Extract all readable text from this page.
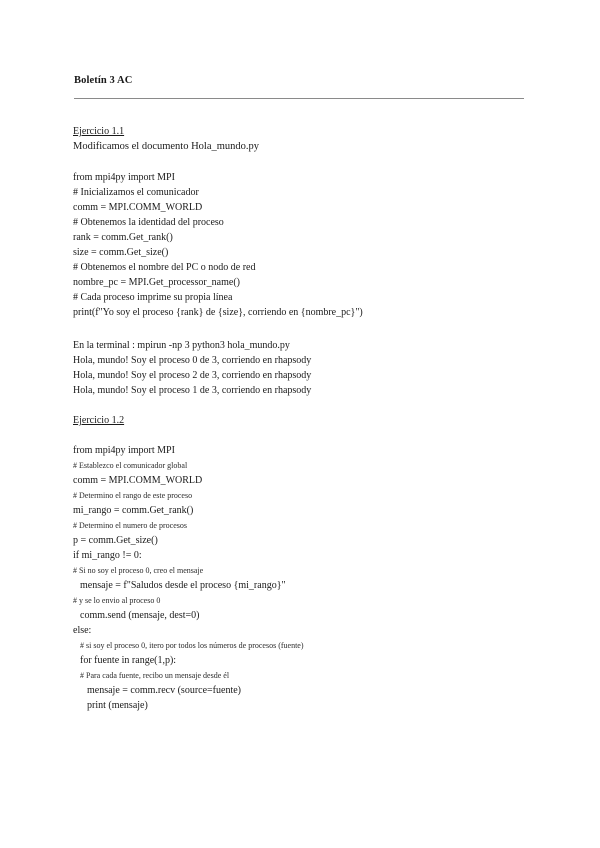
Boletín 3 AC
Ejercicio 1.1
Modificamos el documento Hola_mundo.py
from mpi4py import MPI
# Inicializamos el comunicador
comm = MPI.COMM_WORLD
# Obtenemos la identidad del proceso
rank = comm.Get_rank()
size = comm.Get_size()
# Obtenemos el nombre del PC o nodo de red
nombre_pc = MPI.Get_processor_name()
# Cada proceso imprime su propia línea
print(f"Yo soy el proceso {rank} de {size}, corriendo en {nombre_pc}")
En la terminal : mpirun -np 3 python3 hola_mundo.py
Hola, mundo! Soy el proceso 0 de 3, corriendo en rhapsody
Hola, mundo! Soy el proceso 2 de 3, corriendo en rhapsody
Hola, mundo! Soy el proceso 1 de 3, corriendo en rhapsody
Ejercicio 1.2
from mpi4py import MPI
# Establezco el comunicador global
comm = MPI.COMM_WORLD
# Determino el rango de este proceso
mi_rango = comm.Get_rank()
# Determino el numero de procesos
p = comm.Get_size()
if mi_rango != 0:
# Si no soy el proceso 0, creo el mensaje
mensaje = f"Saludos desde el proceso {mi_rango}"
# y se lo envio al proceso 0
comm.send (mensaje, dest=0)
else:
# si soy el proceso 0, itero por todos los números de procesos (fuente)
for fuente in range(1,p):
# Para cada fuente, recibo un mensaje desde él
mensaje = comm.recv (source=fuente)
print (mensaje)
